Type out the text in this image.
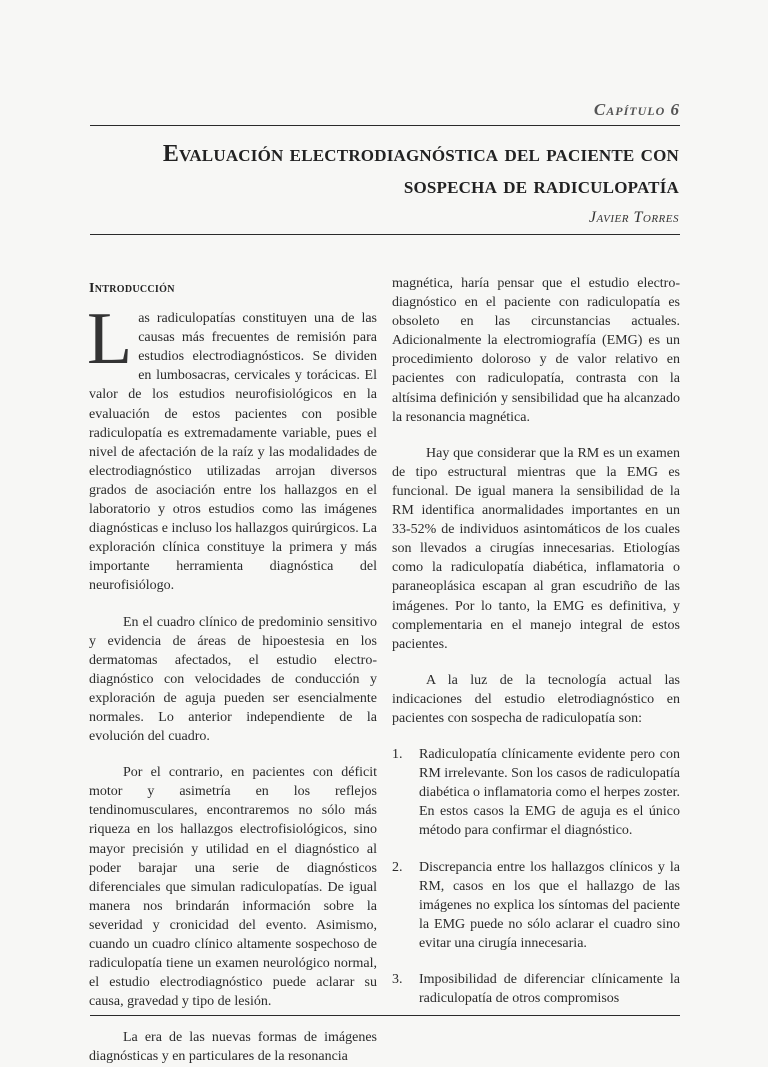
Capítulo 6
Evaluación electrodiagnóstica del paciente con sospecha de radiculopatía
Javier Torres
Introducción

Las radiculopatías constituyen una de las causas más frecuentes de remisión para estudios electrodiagnósticos. Se dividen en lumbosacras, cervicales y torácicas. El valor de los estudios neurofisiológicos en la evaluación de estos pacientes con posible radiculopatía es extremadamente variable, pues el nivel de afectación de la raíz y las modalidades de electrodiagnóstico utilizadas arrojan diversos grados de asociación entre los hallazgos en el laboratorio y otros estudios como las imágenes diagnósticas e incluso los hallazgos quirúrgicos. La exploración clínica constituye la primera y más importante herramienta diagnóstica del neurofisiólogo.

En el cuadro clínico de predominio sensitivo y evidencia de áreas de hipoestesia en los dermatomas afectados, el estudio electro-diagnóstico con velocidades de conducción y exploración de aguja pueden ser esencialmente normales. Lo anterior independiente de la evolución del cuadro.

Por el contrario, en pacientes con déficit motor y asimetría en los reflejos tendinomusculares, encontraremos no sólo más riqueza en los hallazgos electrofisiológicos, sino mayor precisión y utilidad en el diagnóstico al poder barajar una serie de diagnósticos diferenciales que simulan radiculopatías. De igual manera nos brindarán información sobre la severidad y cronicidad del evento. Asimismo, cuando un cuadro clínico altamente sospechoso de radiculopatía tiene un examen neurológico normal, el estudio electrodiagnóstico puede aclarar su causa, gravedad y tipo de lesión.

La era de las nuevas formas de imágenes diagnósticas y en particulares de la resonancia

magnética, haría pensar que el estudio electro-diagnóstico en el paciente con radiculopatía es obsoleto en las circunstancias actuales. Adicionalmente la electromiografía (EMG) es un procedimiento doloroso y de valor relativo en pacientes con radiculopatía, contrasta con la altísima definición y sensibilidad que ha alcanzado la resonancia magnética.

Hay que considerar que la RM es un examen de tipo estructural mientras que la EMG es funcional. De igual manera la sensibilidad de la RM identifica anormalidades importantes en un 33-52% de individuos asintomáticos de los cuales son llevados a cirugías innecesarias. Etiologías como la radiculopatía diabética, inflamatoria o paraneoplásica escapan al gran escudriño de las imágenes. Por lo tanto, la EMG es definitiva, y complementaria en el manejo integral de estos pacientes.

A la luz de la tecnología actual las indicaciones del estudio eletrodiagnóstico en pacientes con sospecha de radiculopatía son:

1. Radiculopatía clínicamente evidente pero con RM irrelevante. Son los casos de radiculopatía diabética o inflamatoria como el herpes zoster. En estos casos la EMG de aguja es el único método para confirmar el diagnóstico.
2. Discrepancia entre los hallazgos clínicos y la RM, casos en los que el hallazgo de las imágenes no explica los síntomas del paciente la EMG puede no sólo aclarar el cuadro sino evitar una cirugía innecesaria.
3. Imposibilidad de diferenciar clínicamente la radiculopatía de otros compromisos
